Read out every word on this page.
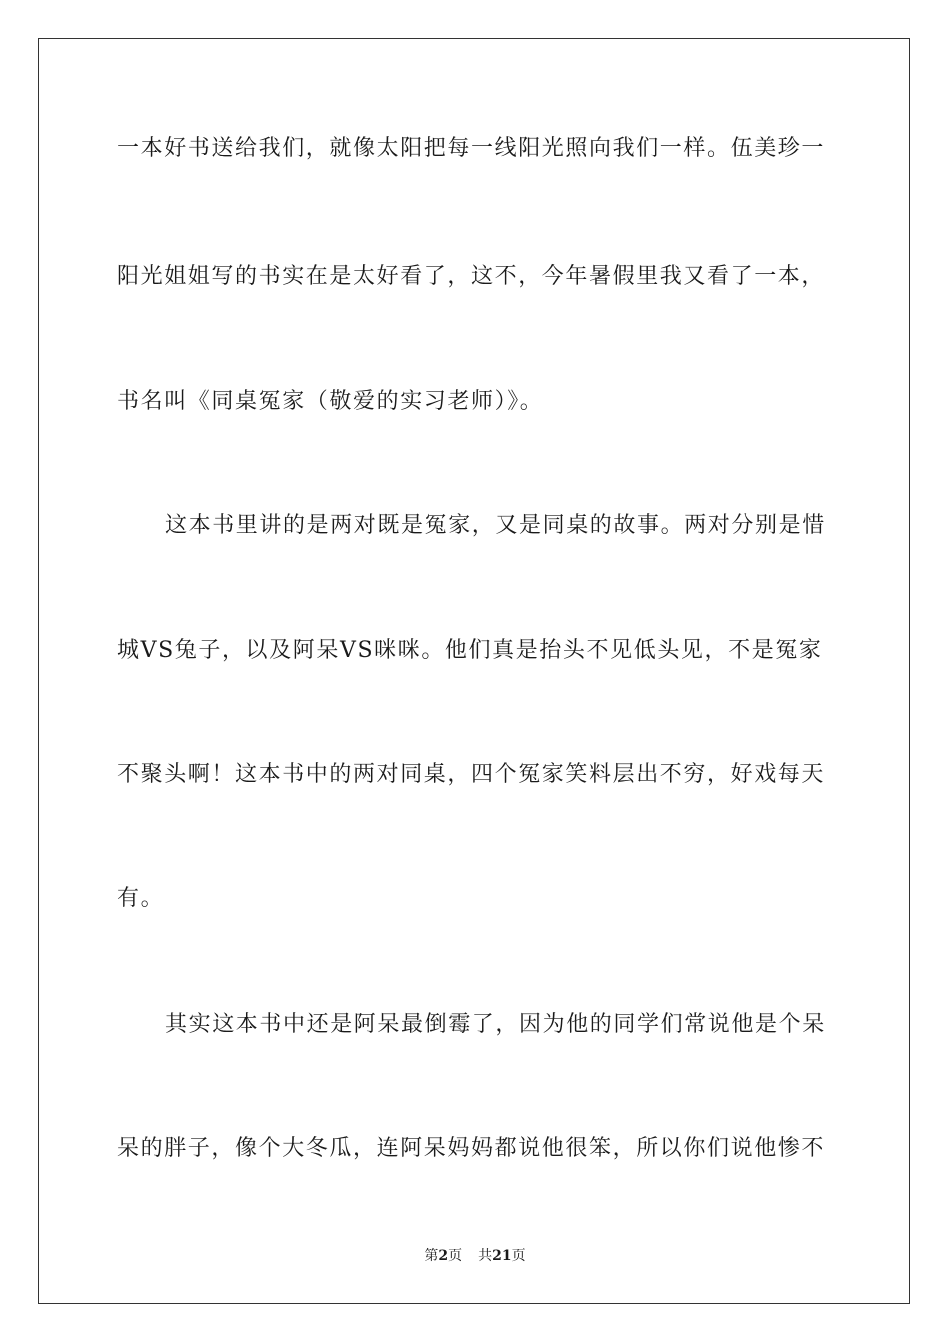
一本好书送给我们，就像太阳把每一线阳光照向我们一样。伍美珍一
阳光姐姐写的书实在是太好看了，这不，今年暑假里我又看了一本，
书名叫《同桌冤家（敬爱的实习老师）》。
这本书里讲的是两对既是冤家，又是同桌的故事。两对分别是惜
城VS兔子，以及阿呆VS咪咪。他们真是抬头不见低头见，不是冤家
不聚头啊！这本书中的两对同桌，四个冤家笑料层出不穷，好戏每天
有。
其实这本书中还是阿呆最倒霉了，因为他的同学们常说他是个呆
呆的胖子，像个大冬瓜，连阿呆妈妈都说他很笨，所以你们说他惨不
第2页 共21页
